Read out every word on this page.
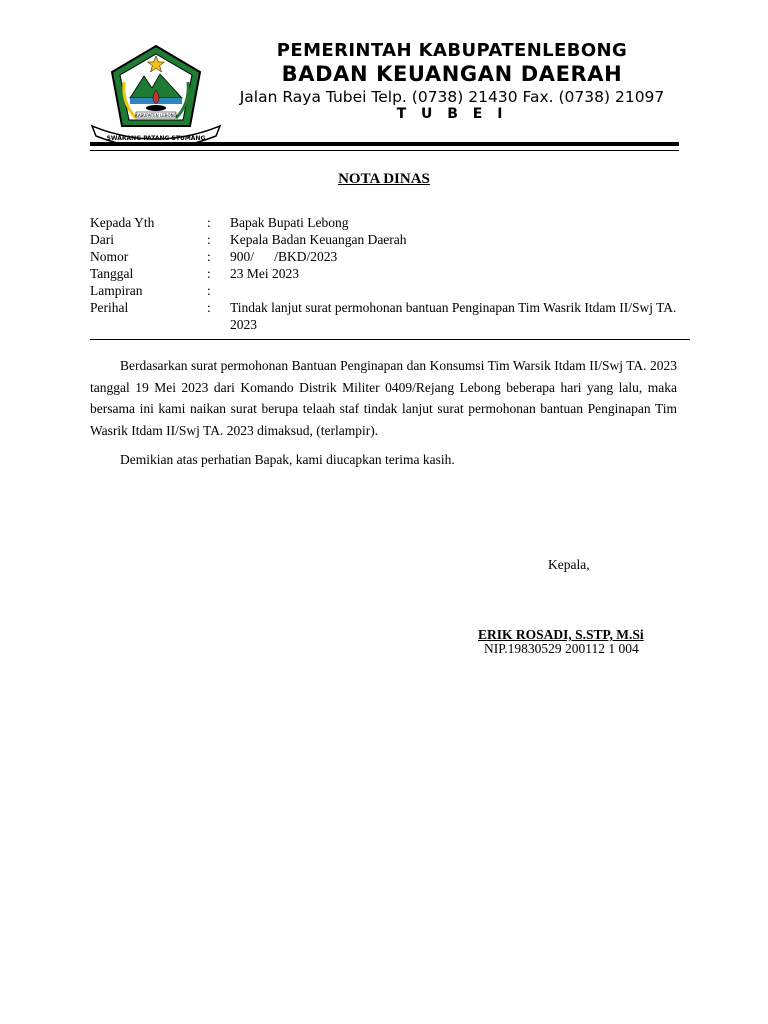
KABUPATEN LEBONG
SWARANG PATANG STUMANG
PEMERINTAH KABUPATENLEBONG
BADAN KEUANGAN DAERAH
Jalan Raya Tubei Telp. (0738) 21430 Fax. (0738) 21097
T U B E I
NOTA DINAS
Kepada Yth	:	Bapak Bupati Lebong
Dari	:	Kepala Badan Keuangan Daerah
Nomor	:	900/      /BKD/2023
Tanggal	:	23 Mei 2023
Lampiran	:
Perihal	:	Tindak lanjut surat permohonan bantuan Penginapan Tim Wasrik Itdam II/Swj TA. 2023

Berdasarkan surat permohonan Bantuan Penginapan dan Konsumsi Tim Warsik Itdam II/Swj TA. 2023 tanggal 19 Mei 2023 dari Komando Distrik Militer 0409/Rejang Lebong beberapa hari yang lalu, maka bersama ini kami naikan surat berupa telaah staf tindak lanjut surat permohonan bantuan Penginapan Tim Wasrik Itdam II/Swj TA. 2023 dimaksud, (terlampir).

Demikian atas perhatian Bapak, kami diucapkan terima kasih.

Kepala,
ERIK ROSADI, S.STP, M.Si
NIP.19830529 200112 1 004
